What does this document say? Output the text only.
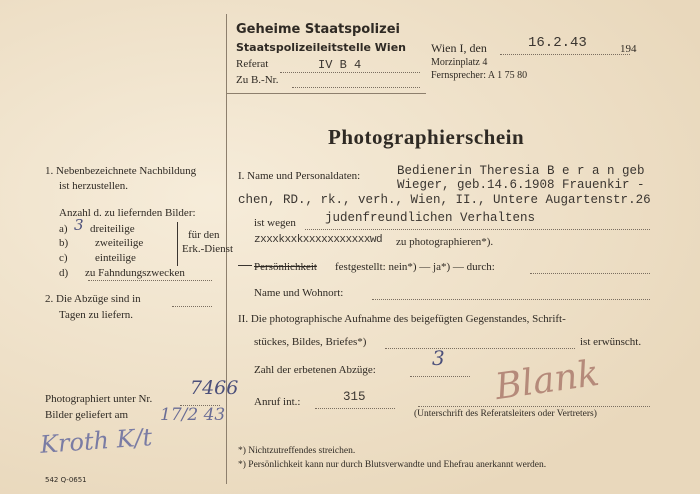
Geheime Staatspolizei
Staatspolizeileitstelle Wien
Referat	IV B 4
Zu B.-Nr.
Wien I, den	16.2.43	194
Morzinplatz 4
Fernsprecher: A 1 75 80
Photographierschein
1. Nebenbezeichnete Nachbildung
ist herzustellen.
Anzahl d. zu liefernden Bilder:
a) 3 dreiteilige
b) zweiteilige
c) einteilige
d) zu Fahndungszwecken
für den
Erk.-Dienst
2. Die Abzüge sind in
Tagen zu liefern.
Photographiert unter Nr. 7466
Bilder geliefert am 17/2 43
Kroth K/t
542 Q-0651
I. Name und Personaldaten:	Bedienerin Theresia B e r a n geb
Wieger, geb.14.6.1908 Frauenkir -
chen, RD., rk., verh., Wien, II., Untere Augartenstr.26
ist wegen judenfreundlichen Verhaltens
zxxxkxxkxxxxxxxxxxxwd zu photographieren*).
Persönlichkeit festgestellt: nein*) — ja*) — durch:
Name und Wohnort:
II. Die photographische Aufnahme des beigefügten Gegenstandes, Schrift-
stückes, Bildes, Briefes*)	ist erwünscht.
Zahl der erbetenen Abzüge:	3
Anruf int.:	315	Blank
(Unterschrift des Referatsleiters oder Vertreters)
*) Nichtzutreffendes streichen.
*) Persönlichkeit kann nur durch Blutsverwandte und Ehefrau anerkannt werden.
